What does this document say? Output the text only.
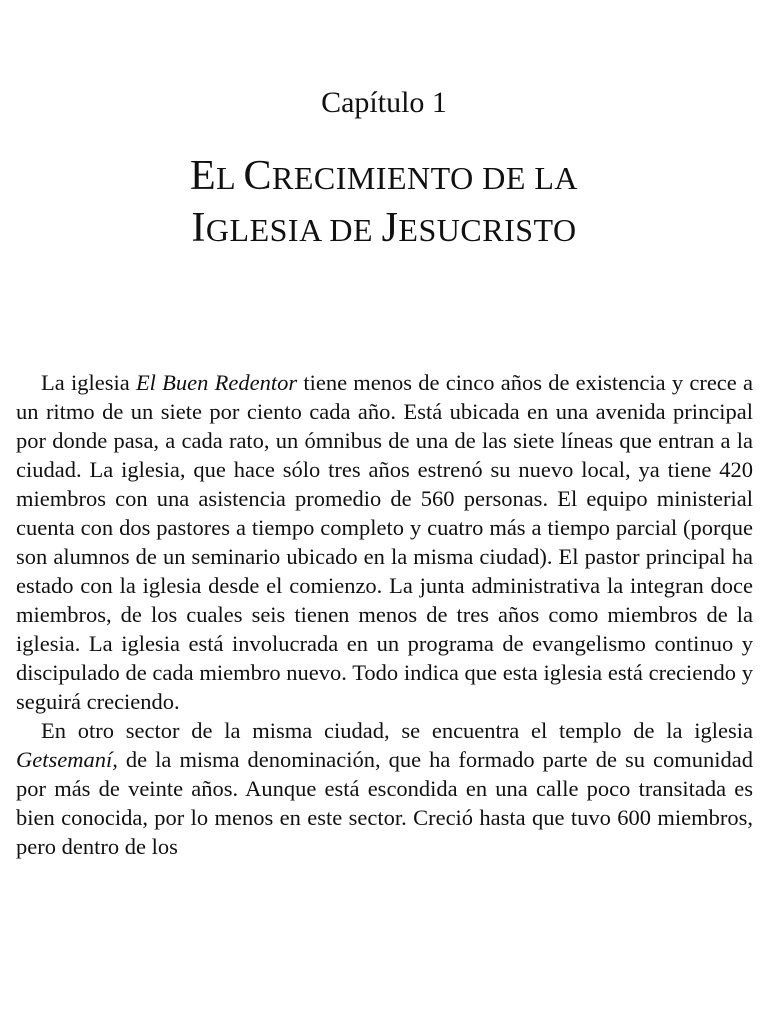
Capítulo 1
EL CRECIMIENTO DE LA
IGLESIA DE JESUCRISTO

La iglesia El Buen Redentor tiene menos de cinco años de existencia y crece a un ritmo de un siete por ciento cada año. Está ubicada en una avenida principal por donde pasa, a cada rato, un ómnibus de una de las siete líneas que entran a la ciudad. La iglesia, que hace sólo tres años estrenó su nuevo local, ya tiene 420 miembros con una asistencia promedio de 560 personas. El equipo ministerial cuenta con dos pastores a tiempo completo y cuatro más a tiempo parcial (porque son alumnos de un seminario ubicado en la misma ciudad). El pastor principal ha estado con la iglesia desde el comienzo. La junta administrativa la integran doce miembros, de los cuales seis tienen menos de tres años como miembros de la iglesia. La iglesia está involucrada en un programa de evangelismo continuo y discipulado de cada miembro nuevo. Todo indica que esta iglesia está creciendo y seguirá creciendo.

En otro sector de la misma ciudad, se encuentra el templo de la iglesia Getsemaní, de la misma denominación, que ha formado parte de su comunidad por más de veinte años. Aunque está escondida en una calle poco transitada es bien conocida, por lo menos en este sector. Creció hasta que tuvo 600 miembros, pero dentro de los
